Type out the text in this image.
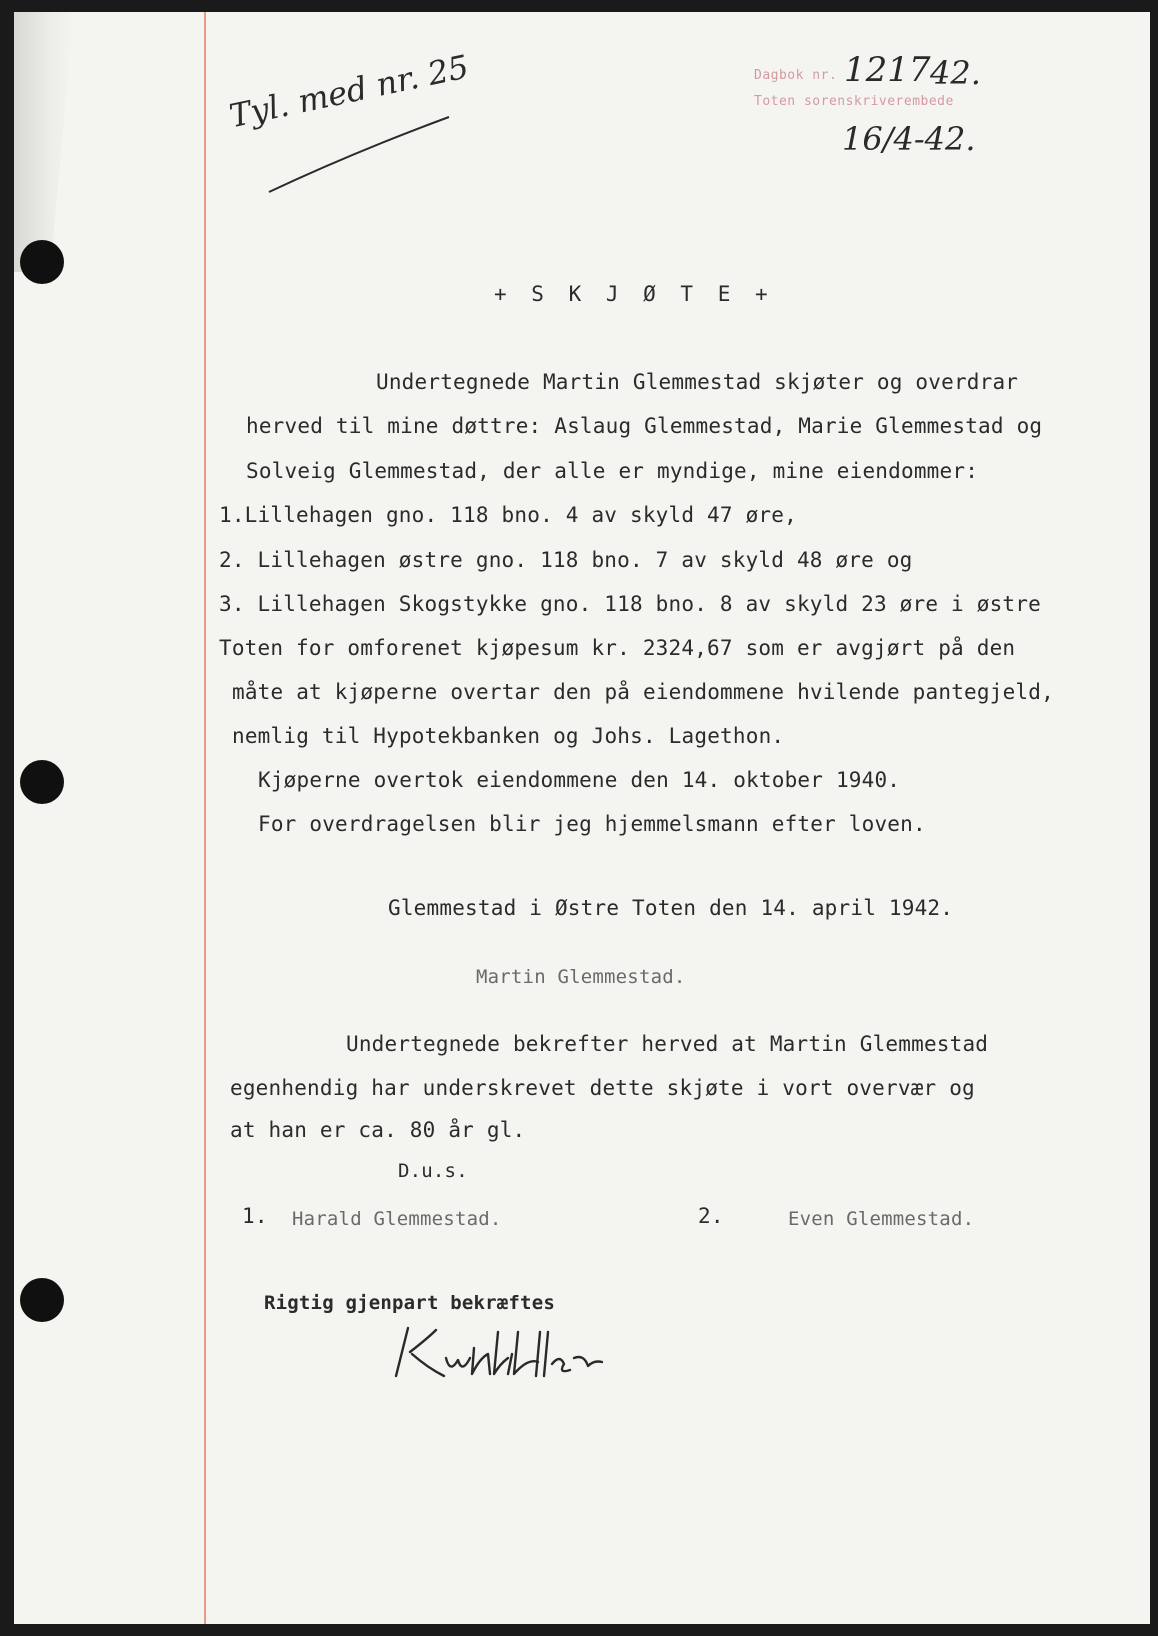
Dagbok nr.
Toten sorenskriverembede
1217 42.
16/4-42.
Tyl. med nr. 25
+ S K J Ø T E +
Undertegnede Martin Glemmestad skjøter og overdrar
herved til mine døttre: Aslaug Glemmestad, Marie Glemmestad og
Solveig Glemmestad, der alle er myndige, mine eiendommer:
1.Lillehagen gno. 118 bno. 4 av skyld 47 øre,
2. Lillehagen østre gno. 118 bno. 7 av skyld 48 øre og
3. Lillehagen Skogstykke gno. 118 bno. 8 av skyld 23 øre i østre
Toten for omforenet kjøpesum kr. 2324,67 som er avgjørt på den
måte at kjøperne overtar den på eiendommene hvilende pantegjeld,
nemlig til Hypotekbanken og Johs. Lagethon.
Kjøperne overtok eiendommene den 14. oktober 1940.
For overdragelsen blir jeg hjemmelsmann efter loven.
Glemmestad i Østre Toten den 14. april 1942.
Martin Glemmestad.
Undertegnede bekrefter herved at Martin Glemmestad
egenhendig har underskrevet dette skjøte i vort overvær og
at han er ca. 80 år gl.
D.u.s.
1. Harald Glemmestad.	2.	Even Glemmestad.
Rigtig gjenpart bekræftes
